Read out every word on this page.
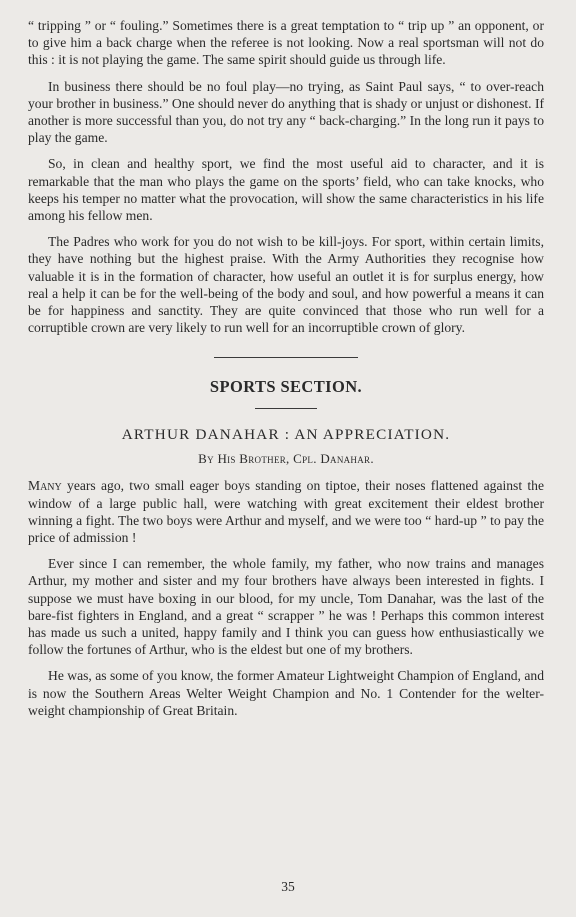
“ tripping ” or “ fouling.” Sometimes there is a great temptation to “ trip up ” an opponent, or to give him a back charge when the referee is not looking. Now a real sportsman will not do this : it is not playing the game. The same spirit should guide us through life.

In business there should be no foul play—no trying, as Saint Paul says, “ to over-reach your brother in business.” One should never do anything that is shady or unjust or dishonest. If another is more successful than you, do not try any “ back-charging.” In the long run it pays to play the game.

So, in clean and healthy sport, we find the most useful aid to character, and it is remarkable that the man who plays the game on the sports’ field, who can take knocks, who keeps his temper no matter what the provocation, will show the same characteristics in his life among his fellow men.

The Padres who work for you do not wish to be kill-joys. For sport, within certain limits, they have nothing but the highest praise. With the Army Authorities they recognise how valuable it is in the formation of character, how useful an outlet it is for surplus energy, how real a help it can be for the well-being of the body and soul, and how powerful a means it can be for happiness and sanctity. They are quite convinced that those who run well for a corruptible crown are very likely to run well for an incorruptible crown of glory.

SPORTS SECTION.
ARTHUR DANAHAR : AN APPRECIATION.
By His Brother, Cpl. Danahar.

Many years ago, two small eager boys standing on tiptoe, their noses flattened against the window of a large public hall, were watching with great excitement their eldest brother winning a fight. The two boys were Arthur and myself, and we were too “ hard-up ” to pay the price of admission !

Ever since I can remember, the whole family, my father, who now trains and manages Arthur, my mother and sister and my four brothers have always been interested in fights. I suppose we must have boxing in our blood, for my uncle, Tom Danahar, was the last of the bare-fist fighters in England, and a great “ scrapper ” he was ! Perhaps this common interest has made us such a united, happy family and I think you can guess how enthusiastically we follow the fortunes of Arthur, who is the eldest but one of my brothers.

He was, as some of you know, the former Amateur Lightweight Champion of England, and is now the Southern Areas Welter Weight Champion and No. 1 Contender for the welter-weight championship of Great Britain.

35
